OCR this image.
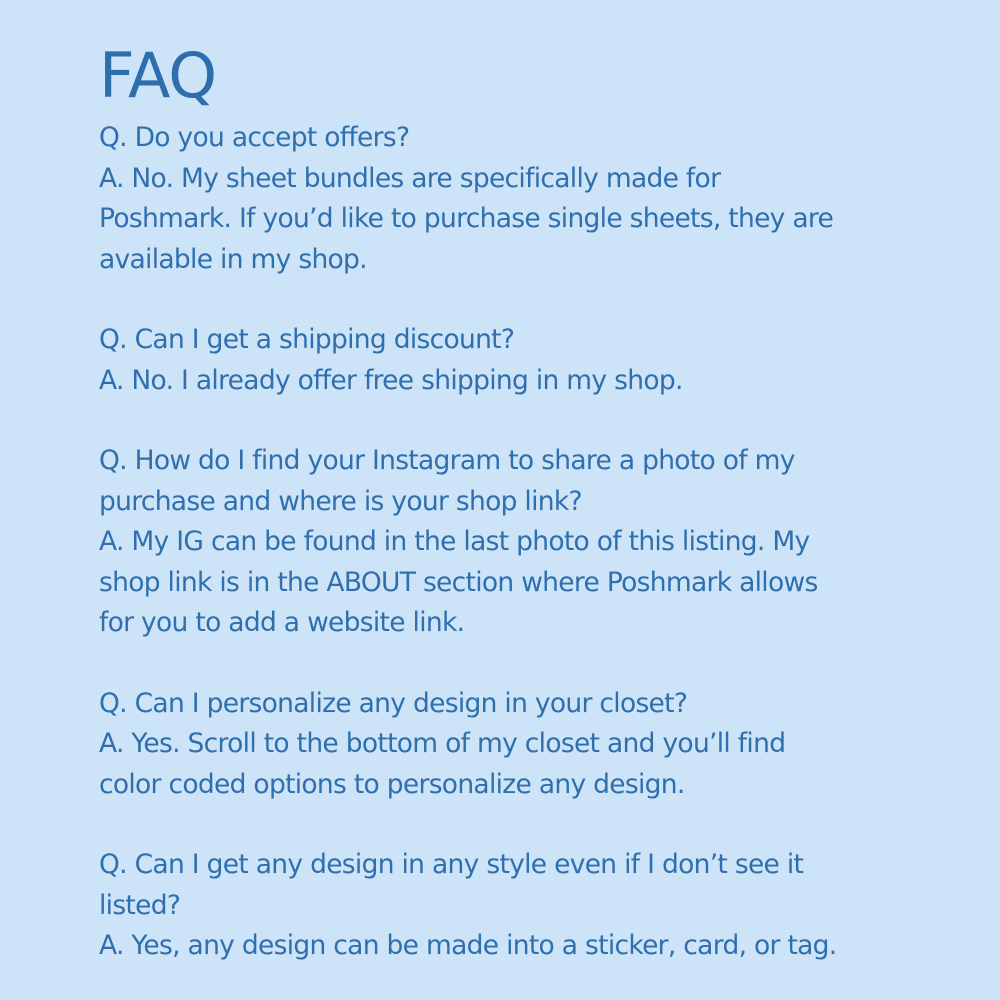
FAQ
Q. Do you accept offers?
A. No. My sheet bundles are specifically made for
Poshmark. If you’d like to purchase single sheets, they are
available in my shop.
Q. Can I get a shipping discount?
A. No. I already offer free shipping in my shop.
Q. How do I find your Instagram to share a photo of my
purchase and where is your shop link?
A. My IG can be found in the last photo of this listing. My
shop link is in the ABOUT section where Poshmark allows
for you to add a website link.
Q. Can I personalize any design in your closet?
A. Yes. Scroll to the bottom of my closet and you’ll find
color coded options to personalize any design.
Q. Can I get any design in any style even if I don’t see it
listed?
A. Yes, any design can be made into a sticker, card, or tag.
